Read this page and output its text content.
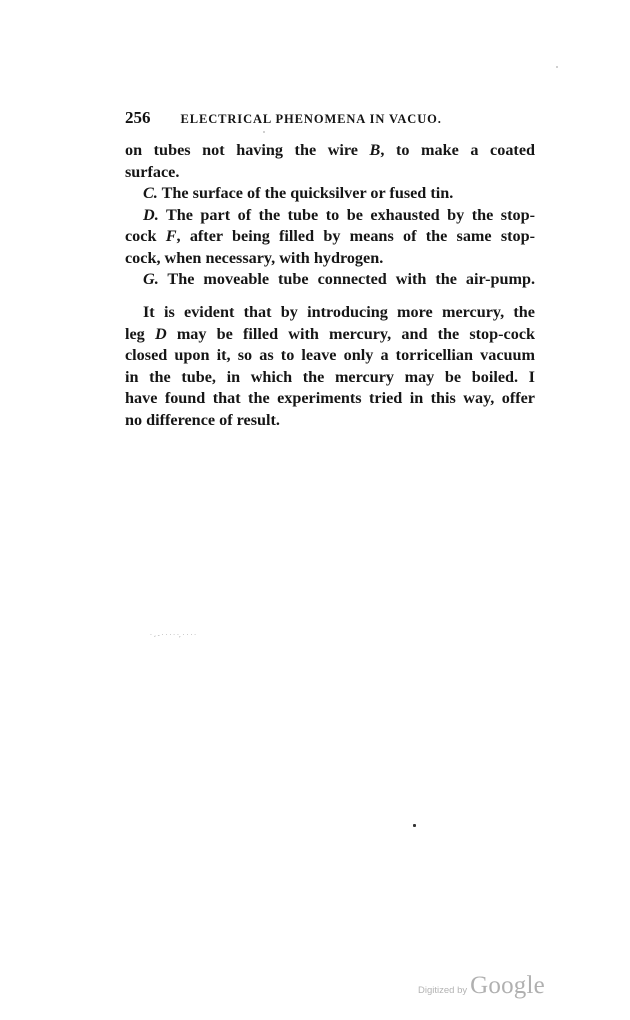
256 ELECTRICAL PHENOMENA IN VACUO.
on tubes not having the wire B, to make a coated
surface.
C. The surface of the quicksilver or fused tin.
D. The part of the tube to be exhausted by the stop-
cock F, after being filled by means of the same stop-
cock, when necessary, with hydrogen.
G. The moveable tube connected with the air-pump.
It is evident that by introducing more mercury, the
leg D may be filled with mercury, and the stop-cock
closed upon it, so as to leave only a torricellian vacuum
in the tube, in which the mercury may be boiled. I
have found that the experiments tried in this way, offer
no difference of result.
· ، ‑ · · · · ·‚ · · · ·
Digitized by Google
